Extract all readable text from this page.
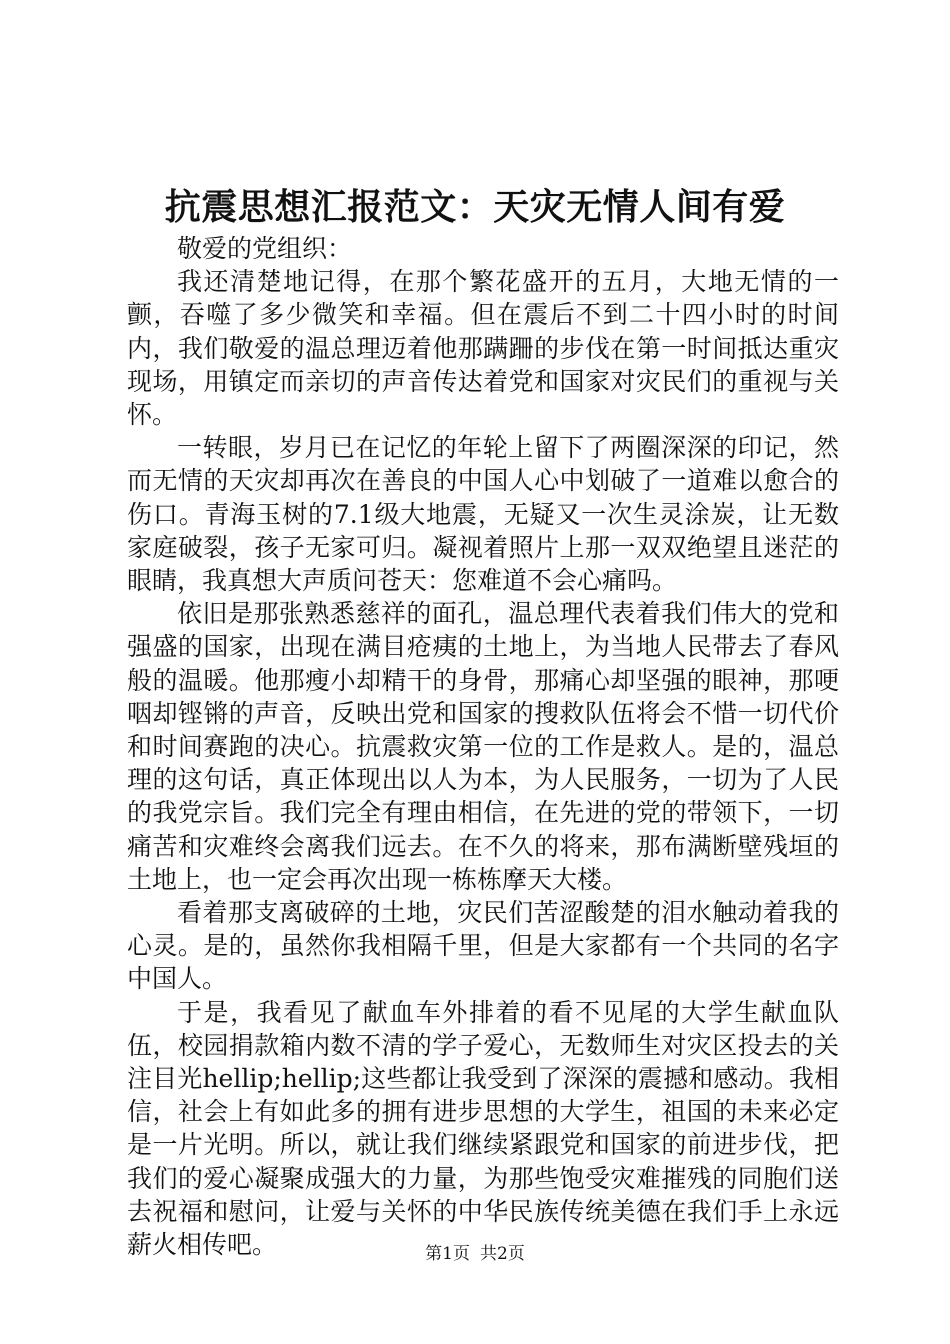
抗震思想汇报范文：天灾无情人间有爱

敬爱的党组织：

我还清楚地记得，在那个繁花盛开的五月，大地无情的一颤，吞噬了多少微笑和幸福。但在震后不到二十四小时的时间内，我们敬爱的温总理迈着他那蹒跚的步伐在第一时间抵达重灾现场，用镇定而亲切的声音传达着党和国家对灾民们的重视与关怀。

一转眼，岁月已在记忆的年轮上留下了两圈深深的印记，然而无情的天灾却再次在善良的中国人心中划破了一道难以愈合的伤口。青海玉树的7.1级大地震，无疑又一次生灵涂炭，让无数家庭破裂，孩子无家可归。凝视着照片上那一双双绝望且迷茫的眼睛，我真想大声质问苍天：您难道不会心痛吗。

依旧是那张熟悉慈祥的面孔，温总理代表着我们伟大的党和强盛的国家，出现在满目疮痍的土地上，为当地人民带去了春风般的温暖。他那瘦小却精干的身骨，那痛心却坚强的眼神，那哽咽却铿锵的声音，反映出党和国家的搜救队伍将会不惜一切代价和时间赛跑的决心。抗震救灾第一位的工作是救人。是的，温总理的这句话，真正体现出以人为本，为人民服务，一切为了人民的我党宗旨。我们完全有理由相信，在先进的党的带领下，一切痛苦和灾难终会离我们远去。在不久的将来，那布满断壁残垣的土地上，也一定会再次出现一栋栋摩天大楼。

看着那支离破碎的土地，灾民们苦涩酸楚的泪水触动着我的心灵。是的，虽然你我相隔千里，但是大家都有一个共同的名字中国人。

于是，我看见了献血车外排着的看不见尾的大学生献血队伍，校园捐款箱内数不清的学子爱心，无数师生对灾区投去的关注目光hellip;hellip;这些都让我受到了深深的震撼和感动。我相信，社会上有如此多的拥有进步思想的大学生，祖国的未来必定是一片光明。所以，就让我们继续紧跟党和国家的前进步伐，把我们的爱心凝聚成强大的力量，为那些饱受灾难摧残的同胞们送去祝福和慰问，让爱与关怀的中华民族传统美德在我们手上永远薪火相传吧。	第1页 共2页
